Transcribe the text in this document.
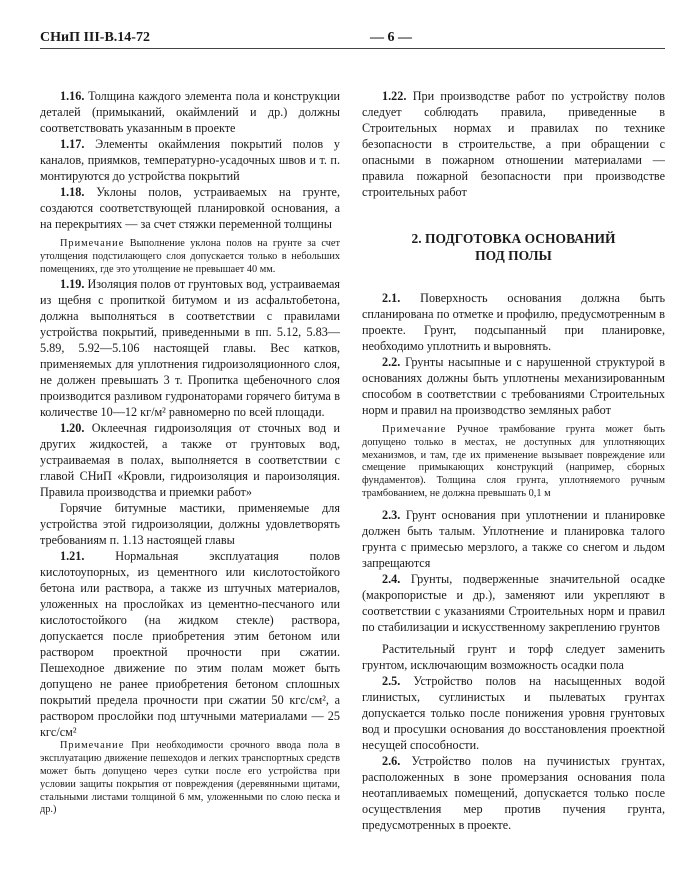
СНиП III-В.14-72	— 6 —

1.16. Толщина каждого элемента пола и конструкции деталей (примыканий, окаймлений и др.) должны соответствовать указанным в проекте

1.17. Элементы окаймления покрытий полов у каналов, приямков, температурно-усадочных швов и т. п. монтируются до устройства покрытий

1.18. Уклоны полов, устраиваемых на грунте, создаются соответствующей планировкой основания, а на перекрытиях — за счет стяжки переменной толщины

Примечание Выполнение уклона полов на грунте за счет утолщения подстилающего слоя допускается только в небольших помещениях, где это утолщение не превышает 40 мм.

1.19. Изоляция полов от грунтовых вод, устраиваемая из щебня с пропиткой битумом и из асфальтобетона, должна выполняться в соответствии с правилами устройства покрытий, приведенными в пп. 5.12, 5.83—5.89, 5.92—5.106 настоящей главы. Вес катков, применяемых для уплотнения гидроизоляционного слоя, не должен превышать 3 т. Пропитка щебеночного слоя производится разливом гудронаторами горячего битума в количестве 10—12 кг/м² равномерно по всей площади.

1.20. Оклеечная гидроизоляция от сточных вод и других жидкостей, а также от грунтовых вод, устраиваемая в полах, выполняется в соответствии с главой СНиП «Кровли, гидроизоляция и пароизоляция. Правила производства и приемки работ»

Горячие битумные мастики, применяемые для устройства этой гидроизоляции, должны удовлетворять требованиям п. 1.13 настоящей главы

1.21.	Нормальная эксплуатация полов кислотоупорных, из цементного или кислотостойкого бетона или раствора, а также из штучных материалов, уложенных на прослойках из цементно-песчаного или кислотостойкого (на жидком стекле) раствора, допускается после приобретения этим бетоном или раствором проектной прочности при сжатии. Пешеходное движение по этим полам может быть допущено не ранее приобретения бетоном сплошных покрытий предела прочности при сжатии 50 кгс/см², а раствором прослойки под штучными материалами — 25 кгс/см²

Примечание При необходимости срочного ввода пола в эксплуатацию движение пешеходов и легких транспортных средств может быть допущено через сутки после его устройства при условии защиты покрытия от повреждения (деревянными щитами, стальными листами толщиной 6 мм, уложенными по слою песка и др.)

1.22. При производстве работ по устройству полов следует соблюдать правила, приведенные в Строительных нормах и правилах по технике безопасности в строительстве, а при обращении с опасными в пожарном отношении материалами — правила пожарной безопасности при производстве строительных работ

2. ПОДГОТОВКА ОСНОВАНИЙ
ПОД ПОЛЫ

2.1. Поверхность основания должна быть спланирована по отметке и профилю, предусмотренным в проекте. Грунт, подсыпанный при планировке, необходимо уплотнить и выровнять.

2.2. Грунты насыпные и с нарушенной структурой в основаниях должны быть уплотнены механизированным способом в соответствии с требованиями Строительных норм и правил на производство земляных работ

Примечание Ручное трамбование грунта может быть допущено только в местах, не доступных для уплотняющих механизмов, и там, где их применение вызывает повреждение или смещение примыкающих конструкций (например, сборных фундаментов). Толщина слоя грунта, уплотняемого ручным трамбованием, не должна превышать 0,1 м

2.3. Грунт основания при уплотнении и планировке должен быть талым. Уплотнение и планировка талого грунта с примесью мерзлого, а также со снегом и льдом запрещаются

2.4. Грунты, подверженные значительной осадке (макропористые и др.), заменяют или укрепляют в соответствии с указаниями Строительных норм и правил по стабилизации и искусственному закреплению грунтов

Растительный грунт и торф следует заменить грунтом, исключающим возможность осадки пола

2.5. Устройство полов на насыщенных водой глинистых, суглинистых и пылеватых грунтах допускается только после понижения уровня грунтовых вод и просушки основания до восстановления проектной несущей способности.

2.6. Устройство полов на пучинистых грунтах, расположенных в зоне промерзания основания пола неотапливаемых помещений, допускается только после осуществления мер против пучения грунта, предусмотренных в проекте.
